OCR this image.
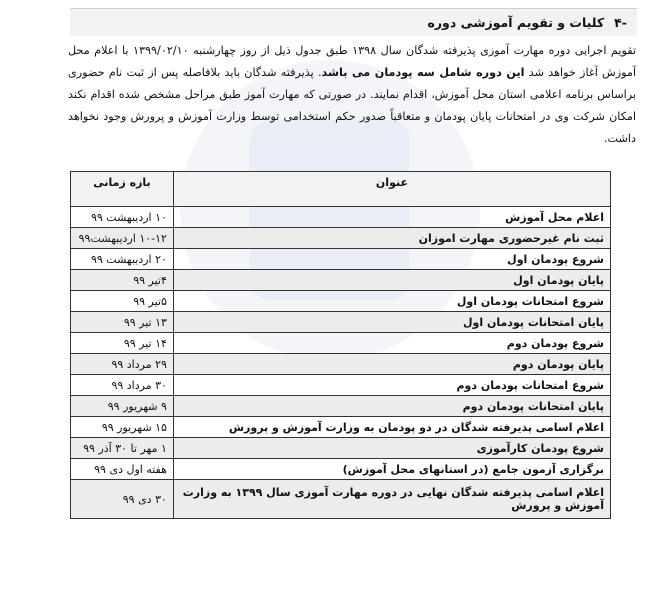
-۴
کلیات و تقویم آموزشی دوره
تقویم اجرایی دوره مهارت آموزی پذیرفته شدگان سال ۱۳۹۸ طبق جدول ذیل از روز چهارشنبه ۱۳۹۹/۰۲/۱۰ با اعلام محل آموزش آغاز خواهد شد این دوره شامل سه پودمان می باشد. پذیرفته شدگان باید بلافاصله پس از ثبت نام حضوری براساس برنامه اعلامی استان محل آموزش، اقدام نمایند. در صورتی که مهارت آموز طبق مراحل مشخص شده اقدام نکند امکان شرکت وی در امتحانات پایان پودمان و متعاقباً صدور حکم استخدامی توسط وزارت آموزش و پرورش وجود نخواهد داشت.
عنوان	بازه زمانی
اعلام محل آموزش	۱۰ اردیبهشت ۹۹
ثبت نام غیرحضوری مهارت اموزان	۱۰-۱۲ اردیبهشت۹۹
شروع پودمان اول	۲۰ اردیبهشت ۹۹
پایان پودمان اول	۴تیر ۹۹
شروع امتحانات پودمان اول	۵تیر ۹۹
پایان امتحانات پودمان اول	۱۳ تیر ۹۹
شروع پودمان دوم	۱۴ تیر ۹۹
پایان پودمان دوم	۲۹ مرداد ۹۹
شروع امتحانات پودمان دوم	۳۰ مرداد ۹۹
پایان امتحانات پودمان دوم	۹ شهریور ۹۹
اعلام اسامی پذیرفته شدگان در دو پودمان به وزارت آموزش و پرورش	۱۵ شهریور ۹۹
شروع پودمان کارآموزی	۱ مهر تا ۳۰ آذر ۹۹
برگزاری آزمون جامع (در استانهای محل آموزش)	هفته اول دی ۹۹
اعلام اسامی پذیرفته شدگان نهایی در دوره مهارت آموزی سال ۱۳۹۹ به وزارت آموزش و پرورش	۳۰ دی ۹۹
